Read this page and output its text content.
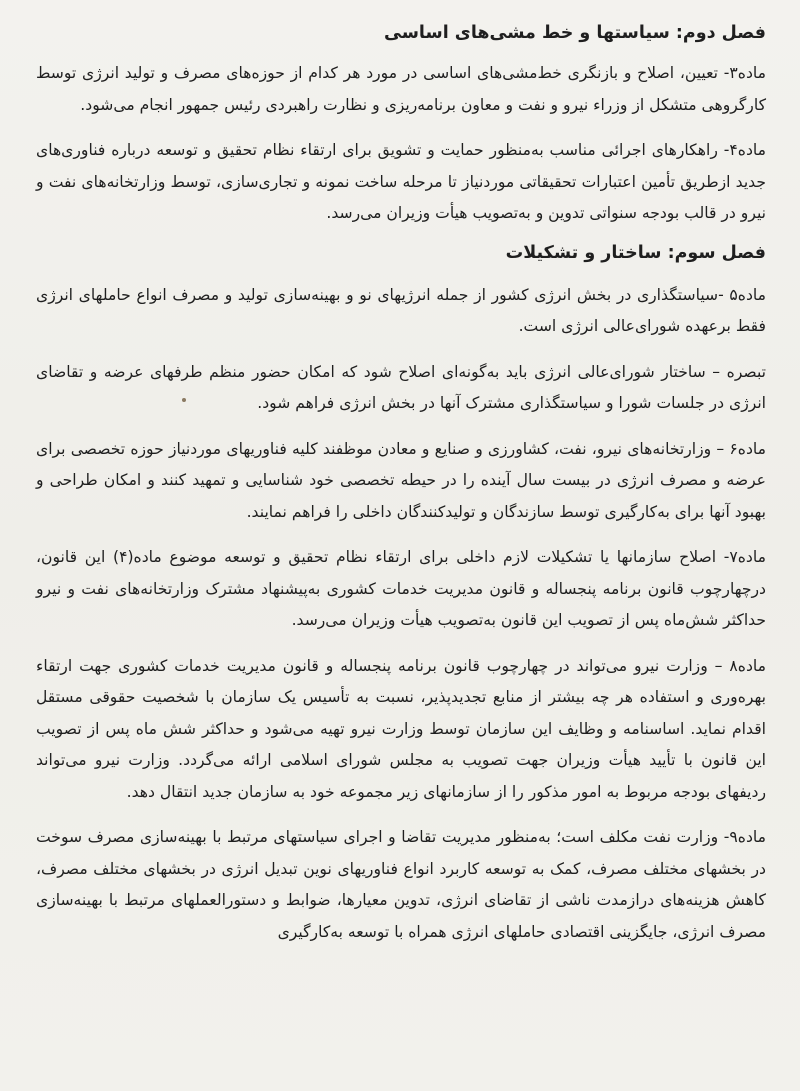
فصل دوم: سیاستها و خط مشی‌های اساسی

ماده۳- تعیین، اصلاح و بازنگری خط‌مشی‌های اساسی در مورد هر کدام از حوزه‌های مصرف و تولید انرژی توسط کارگروهی متشکل از وزراء نیرو و نفت و معاون برنامه‌ریزی و نظارت راهبردی رئیس جمهور انجام می‌شود.

ماده۴- راهکارهای اجرائی مناسب به‌منظور حمایت و تشویق برای ارتقاء نظام تحقیق و توسعه درباره فناوری‌های جدید ازطریق تأمین اعتبارات تحقیقاتی موردنیاز تا مرحله ساخت نمونه و تجاری‌سازی، توسط وزارتخانه‌های نفت و نیرو در قالب بودجه سنواتی تدوین و به‌تصویب هیأت وزیران می‌رسد.

فصل سوم: ساختار و تشکیلات

ماده۵ -سیاستگذاری در بخش انرژی کشور از جمله انرژیهای نو و بهینه‌سازی تولید و مصرف انواع حاملهای انرژی فقط برعهده شورای‌عالی انرژی است.

تبصره – ساختار شورای‌عالی انرژی باید به‌گونه‌ای اصلاح شود که امکان حضور منظم طرفهای عرضه و تقاضای انرژی در جلسات شورا و سیاستگذاری مشترک آنها در بخش انرژی فراهم شود.

ماده۶ – وزارتخانه‌های نیرو، نفت، کشاورزی و صنایع و معادن موظفند کلیه فناوریهای موردنیاز حوزه تخصصی برای عرضه و مصرف انرژی در بیست سال آینده را در حیطه تخصصی خود شناسایی و تمهید کنند و امکان طراحی و بهبود آنها برای به‌کارگیری توسط سازندگان و تولیدکنندگان داخلی را فراهم نمایند.

ماده۷- اصلاح سازمانها یا تشکیلات لازم داخلی برای ارتقاء نظام تحقیق و توسعه موضوع ماده(۴) این قانون، درچهارچوب قانون برنامه پنجساله و قانون مدیریت خدمات کشوری به‌پیشنهاد مشترک وزارتخانه‌های نفت و نیرو حداکثر شش‌ماه پس از تصویب این قانون به‌تصویب هیأت وزیران می‌رسد.

ماده۸ – وزارت نیرو می‌تواند در چهارچوب قانون برنامه پنجساله و قانون مدیریت خدمات کشوری جهت ارتقاء بهره‌وری و استفاده هر چه بیشتر از منابع تجدیدپذیر، نسبت به تأسیس یک سازمان با شخصیت حقوقی مستقل اقدام نماید. اساسنامه و وظایف این سازمان توسط وزارت نیرو تهیه می‌شود و حداکثر شش ماه پس از تصویب این قانون با تأیید هیأت وزیران جهت تصویب به مجلس شورای اسلامی ارائه می‌گردد. وزارت نیرو می‌تواند ردیفهای بودجه مربوط به امور مذکور را از سازمانهای زیر مجموعه خود به سازمان جدید انتقال دهد.

ماده۹- وزارت نفت مکلف است؛ به‌منظور مدیریت تقاضا و اجرای سیاستهای مرتبط با بهینه‌سازی مصرف سوخت در بخشهای مختلف مصرف، کمک به توسعه کاربرد انواع فناوریهای نوین تبدیل انرژی در بخشهای مختلف مصرف، کاهش هزینه‌های درازمدت ناشی از تقاضای انرژی، تدوین معیارها، ضوابط و دستورالعملهای مرتبط با بهینه‌سازی مصرف انرژی، جایگزینی اقتصادی حاملهای انرژی همراه با توسعه به‌کارگیری
